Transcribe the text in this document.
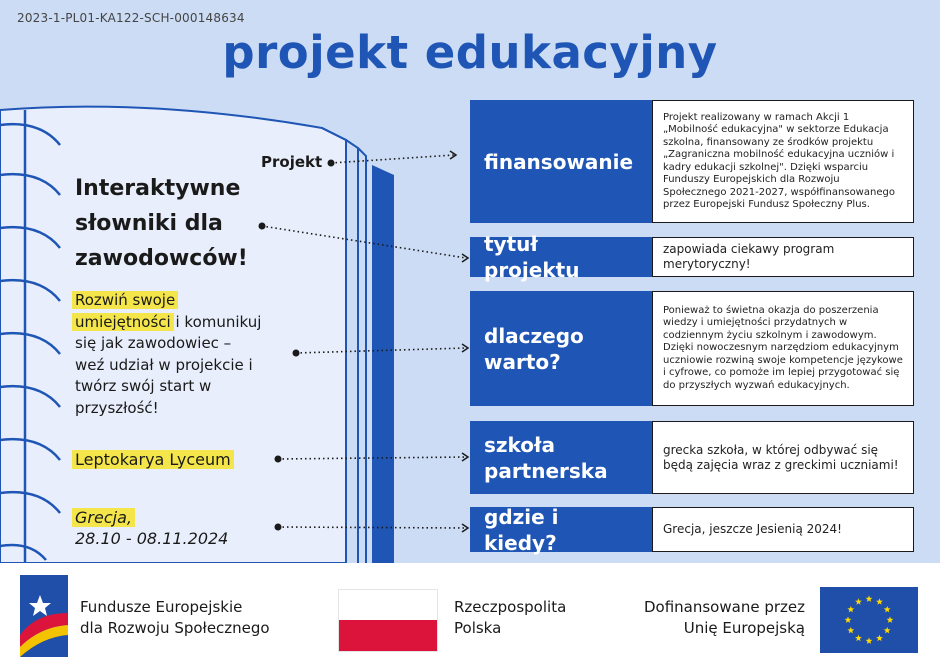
2023-1-PL01-KA122-SCH-000148634
projekt edukacyjny
Projekt
Interaktywne
słowniki dla
zawodowców!
Rozwiń swoje
umiejętności i komunikuj
się jak zawodowiec –
weź udział w projekcie i
twórz swój start w
przyszłość!
Leptokarya Lyceum
Grecja,
28.10 - 08.11.2024
finansowanie
Projekt realizowany w ramach Akcji 1 „Mobilność edukacyjna" w sektorze Edukacja szkolna, finansowany ze środków projektu „Zagraniczna mobilność edukacyjna uczniów i kadry edukacji szkolnej". Dzięki wsparciu Funduszy Europejskich dla Rozwoju Społecznego 2021-2027, współfinansowanego przez Europejski Fundusz Społeczny Plus.
tytuł projektu
zapowiada ciekawy program merytoryczny!
dlaczego warto?
Ponieważ to świetna okazja do poszerzenia wiedzy i umiejętności przydatnych w codziennym życiu szkolnym i zawodowym. Dzięki nowoczesnym narzędziom edukacyjnym uczniowie rozwiną swoje kompetencje językowe i cyfrowe, co pomoże im lepiej przygotować się do przyszłych wyzwań edukacyjnych.
szkoła partnerska
grecka szkoła, w której odbywać się będą zajęcia wraz z greckimi uczniami!
gdzie i kiedy?
Grecja, jeszcze Jesienią 2024!
Fundusze Europejskie
dla Rozwoju Społecznego
Rzeczpospolita
Polska
Dofinansowane przez
Unię Europejską
